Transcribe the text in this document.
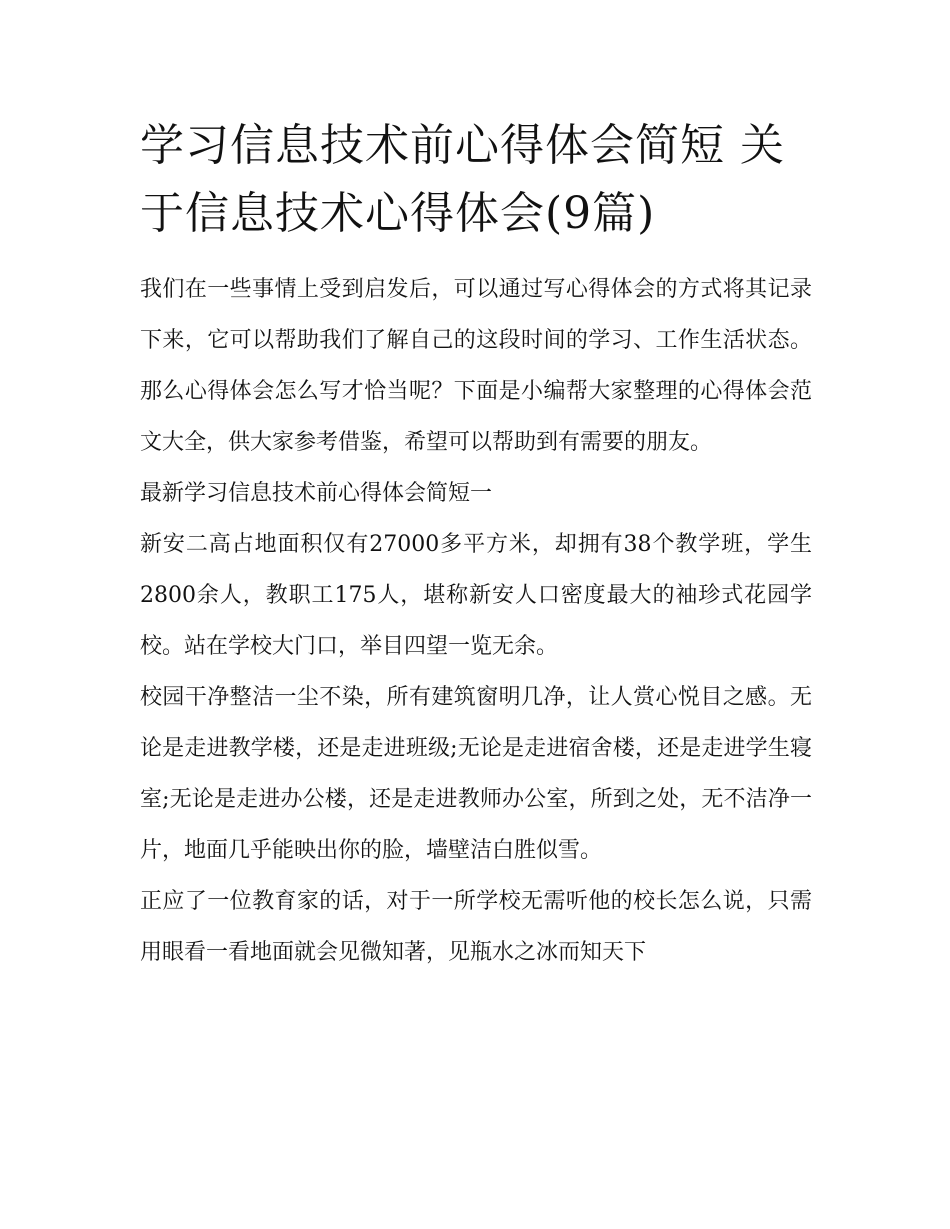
学习信息技术前心得体会简短 关于信息技术心得体会(9篇)

我们在一些事情上受到启发后，可以通过写心得体会的方式将其记录下来，它可以帮助我们了解自己的这段时间的学习、工作生活状态。那么心得体会怎么写才恰当呢？下面是小编帮大家整理的心得体会范文大全，供大家参考借鉴，希望可以帮助到有需要的朋友。

最新学习信息技术前心得体会简短一

新安二高占地面积仅有27000多平方米，却拥有38个教学班，学生2800余人，教职工175人，堪称新安人口密度最大的袖珍式花园学校。站在学校大门口，举目四望一览无余。

校园干净整洁一尘不染，所有建筑窗明几净，让人赏心悦目之感。无论是走进教学楼，还是走进班级;无论是走进宿舍楼，还是走进学生寝室;无论是走进办公楼，还是走进教师办公室，所到之处，无不洁净一片，地面几乎能映出你的脸，墙壁洁白胜似雪。

正应了一位教育家的话，对于一所学校无需听他的校长怎么说，只需用眼看一看地面就会见微知著，见瓶水之冰而知天下
